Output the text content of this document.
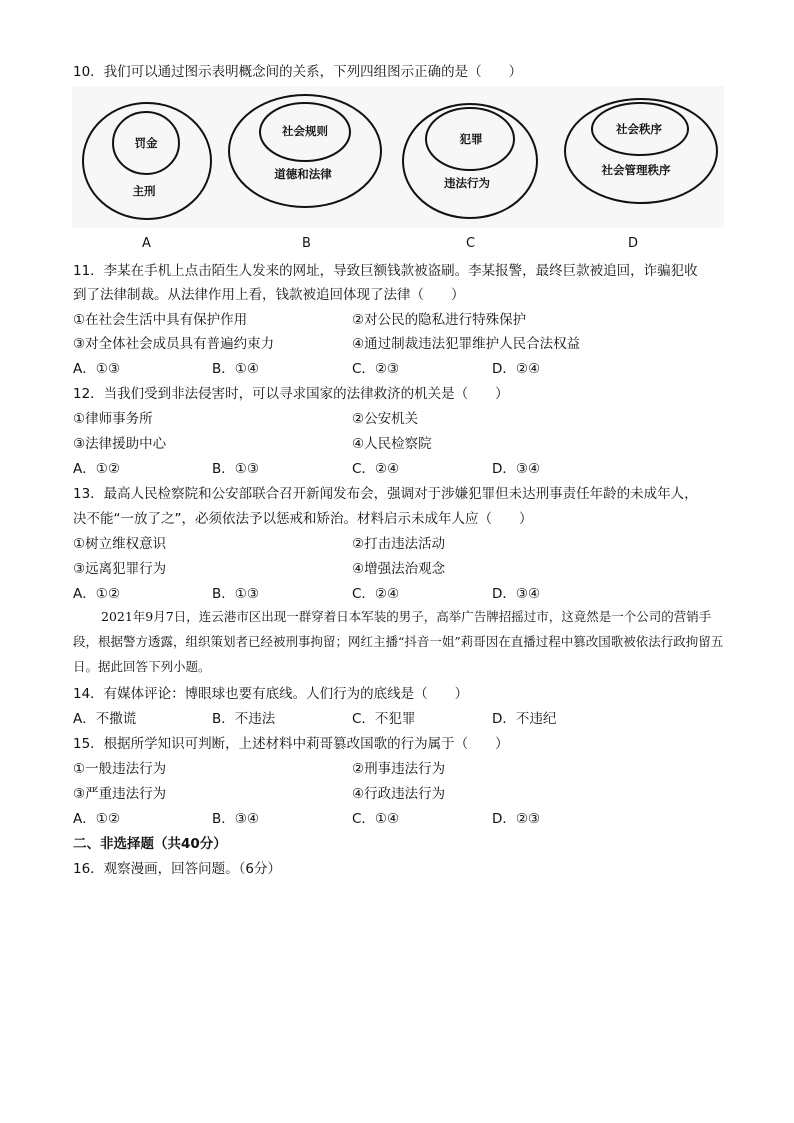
10．我们可以通过图示表明概念间的关系，下列四组图示正确的是（　　）
罚金
主刑
社会规则
道德和法律
犯罪
违法行为
社会秩序
社会管理秩序
A	B	C	D
11．李某在手机上点击陌生人发来的网址，导致巨额钱款被盗刷。李某报警，最终巨款被追回，诈骗犯收
到了法律制裁。从法律作用上看，钱款被追回体现了法律（　　）
①在社会生活中具有保护作用	②对公民的隐私进行特殊保护
③对全体社会成员具有普遍约束力	④通过制裁违法犯罪维护人民合法权益
A．①③	B．①④	C．②③	D．②④
12．当我们受到非法侵害时，可以寻求国家的法律救济的机关是（　　）
①律师事务所	②公安机关
③法律援助中心	④人民检察院
A．①②	B．①③	C．②④	D．③④
13．最高人民检察院和公安部联合召开新闻发布会，强调对于涉嫌犯罪但未达刑事责任年龄的未成年人，
决不能“一放了之”，必须依法予以惩戒和矫治。材料启示未成年人应（　　）
①树立维权意识	②打击违法活动
③远离犯罪行为	④增强法治观念
A．①②	B．①③	C．②④	D．③④
2021年9月7日，连云港市区出现一群穿着日本军装的男子，高举广告牌招摇过市，这竟然是一个公司的营销手段，根据警方透露，组织策划者已经被刑事拘留；网红主播“抖音一姐”莉哥因在直播过程中篡改国歌被依法行政拘留五日。据此回答下列小题。
14．有媒体评论：博眼球也要有底线。人们行为的底线是（　　）
A．不撒谎	B．不违法	C．不犯罪	D．不违纪
15．根据所学知识可判断，上述材料中莉哥篡改国歌的行为属于（　　）
①一般违法行为	②刑事违法行为
③严重违法行为	④行政违法行为
A．①②	B．③④	C．①④	D．②③
二、非选择题（共40分）
16．观察漫画，回答问题。（6分）
